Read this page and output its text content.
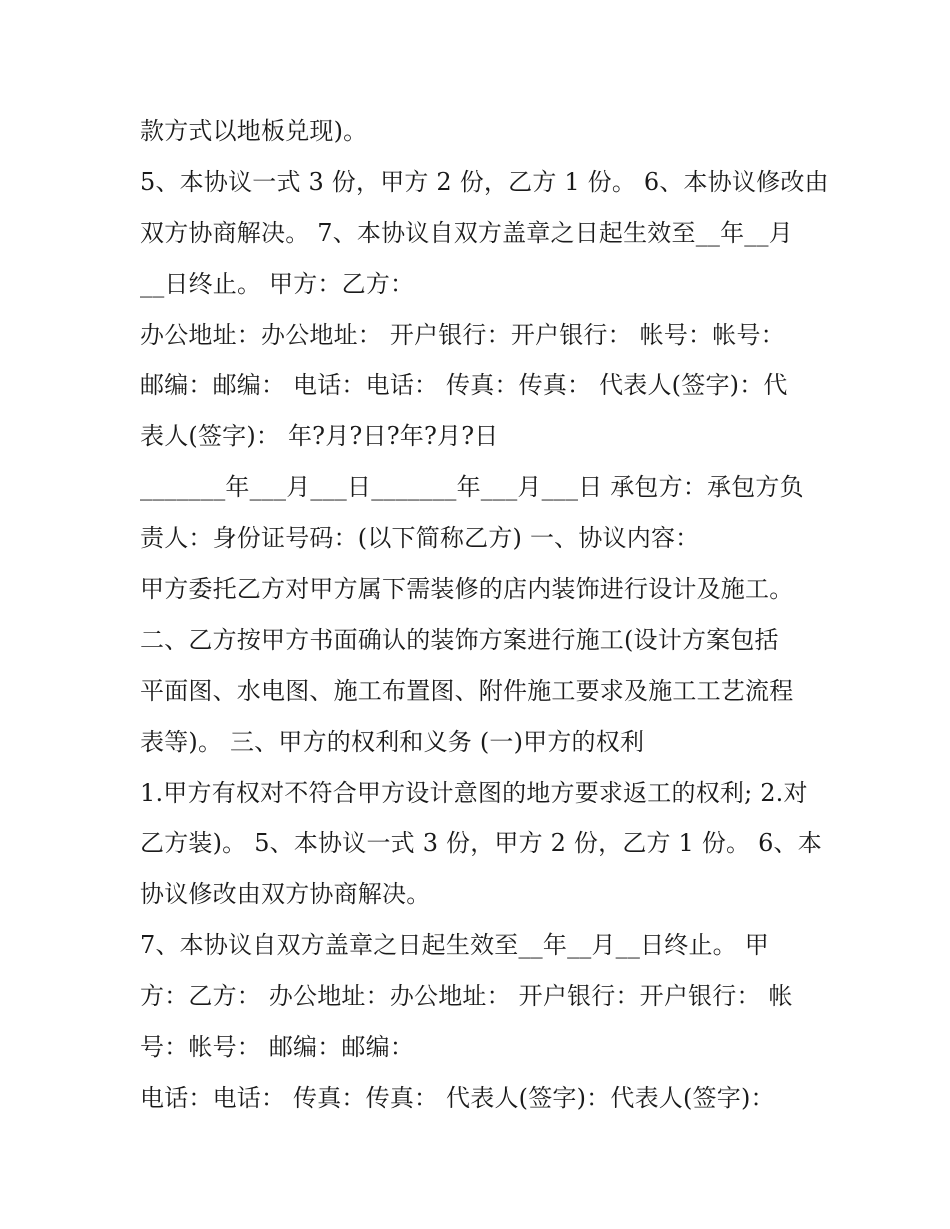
款方式以地板兑现)。
5、本协议一式 3 份，甲方 2 份，乙方 1 份。 6、本协议修改由
双方协商解决。 7、本协议自双方盖章之日起生效至__年__月
__日终止。 甲方：乙方：
办公地址：办公地址： 开户银行：开户银行： 帐号：帐号：
邮编：邮编： 电话：电话： 传真：传真： 代表人(签字)：代
表人(签字)： 年?月?日?年?月?日
_______年___月___日_______年___月___日 承包方：承包方负
责人：身份证号码：(以下简称乙方) 一、协议内容：
甲方委托乙方对甲方属下需装修的店内装饰进行设计及施工。
二、乙方按甲方书面确认的装饰方案进行施工(设计方案包括
平面图、水电图、施工布置图、附件施工要求及施工工艺流程
表等)。 三、甲方的权利和义务 (一)甲方的权利
1.甲方有权对不符合甲方设计意图的地方要求返工的权利; 2.对
乙方装)。 5、本协议一式 3 份，甲方 2 份，乙方 1 份。 6、本
协议修改由双方协商解决。
7、本协议自双方盖章之日起生效至__年__月__日终止。 甲
方：乙方： 办公地址：办公地址： 开户银行：开户银行： 帐
号：帐号： 邮编：邮编：
电话：电话： 传真：传真： 代表人(签字)：代表人(签字)：
